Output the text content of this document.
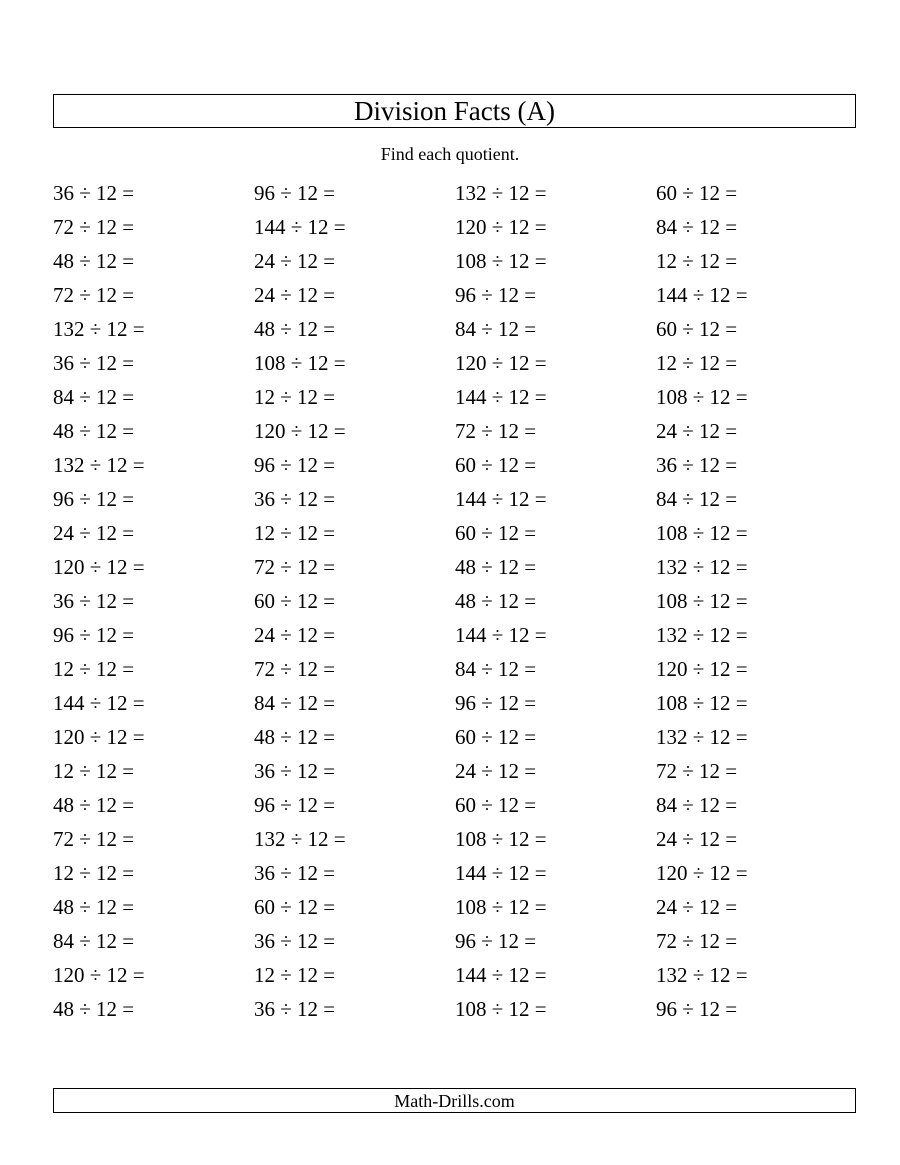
Division Facts (A)
Find each quotient.
36 ÷ 12 =	96 ÷ 12 =	132 ÷ 12 =	60 ÷ 12 =
72 ÷ 12 =	144 ÷ 12 =	120 ÷ 12 =	84 ÷ 12 =
48 ÷ 12 =	24 ÷ 12 =	108 ÷ 12 =	12 ÷ 12 =
72 ÷ 12 =	24 ÷ 12 =	96 ÷ 12 =	144 ÷ 12 =
132 ÷ 12 =	48 ÷ 12 =	84 ÷ 12 =	60 ÷ 12 =
36 ÷ 12 =	108 ÷ 12 =	120 ÷ 12 =	12 ÷ 12 =
84 ÷ 12 =	12 ÷ 12 =	144 ÷ 12 =	108 ÷ 12 =
48 ÷ 12 =	120 ÷ 12 =	72 ÷ 12 =	24 ÷ 12 =
132 ÷ 12 =	96 ÷ 12 =	60 ÷ 12 =	36 ÷ 12 =
96 ÷ 12 =	36 ÷ 12 =	144 ÷ 12 =	84 ÷ 12 =
24 ÷ 12 =	12 ÷ 12 =	60 ÷ 12 =	108 ÷ 12 =
120 ÷ 12 =	72 ÷ 12 =	48 ÷ 12 =	132 ÷ 12 =
36 ÷ 12 =	60 ÷ 12 =	48 ÷ 12 =	108 ÷ 12 =
96 ÷ 12 =	24 ÷ 12 =	144 ÷ 12 =	132 ÷ 12 =
12 ÷ 12 =	72 ÷ 12 =	84 ÷ 12 =	120 ÷ 12 =
144 ÷ 12 =	84 ÷ 12 =	96 ÷ 12 =	108 ÷ 12 =
120 ÷ 12 =	48 ÷ 12 =	60 ÷ 12 =	132 ÷ 12 =
12 ÷ 12 =	36 ÷ 12 =	24 ÷ 12 =	72 ÷ 12 =
48 ÷ 12 =	96 ÷ 12 =	60 ÷ 12 =	84 ÷ 12 =
72 ÷ 12 =	132 ÷ 12 =	108 ÷ 12 =	24 ÷ 12 =
12 ÷ 12 =	36 ÷ 12 =	144 ÷ 12 =	120 ÷ 12 =
48 ÷ 12 =	60 ÷ 12 =	108 ÷ 12 =	24 ÷ 12 =
84 ÷ 12 =	36 ÷ 12 =	96 ÷ 12 =	72 ÷ 12 =
120 ÷ 12 =	12 ÷ 12 =	144 ÷ 12 =	132 ÷ 12 =
48 ÷ 12 =	36 ÷ 12 =	108 ÷ 12 =	96 ÷ 12 =
Math-Drills.com
